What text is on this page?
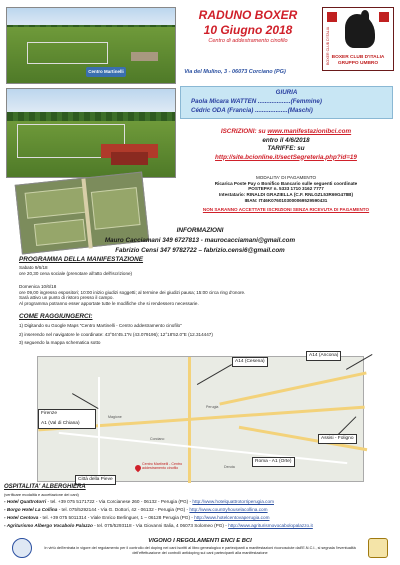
Centro Martinelli
RADUNO BOXER
10 Giugno 2018
Centro di addestramento cinofilo
Via del Mulino, 3 - 06073 Corciano (PG)
BOXER CLUB D'ITALIA BOXER CLUB D'ITALIA GRUPPO UMBRO
GIURIA
Paola Micara WATTEN ...................(Femmine)
Cédric ODA (Francia) ...................(Maschi)
ISCRIZIONI: su www.manifestazionibci.com
entro il 4/6/2018
TARIFFE: su
http://site.bcionline.it/sectSegreteria.php?id=19
MODALITA' DI PAGAMENTO
Ricarica Poste Pay o Bonifico Bancario sulle seguenti coordinate
POSTEPAY n. 5333 1710 3162 7777
Intestatario: RINALDI GRAZIELLA (C.F. RNLGZL53R69G478B)
IBAN: IT46K0760103000069529590431
NON SARANNO ACCETTATE ISCRIZIONI SENZA RICEVUTA DI PAGAMENTO
INFORMAZIONI
Mauro Cacciamani 349 6727813 - maurocacciamani@gmail.com
Fabrizio Censi 347 9782722 – fabrizio.censi6@gmail.com
PROGRAMMA DELLA MANIFESTAZIONE
Sabato 9/6/18
ore 20,30 cena sociale (prenotare all'atto dell'iscrizione)
Domenica 10/6/18
ore 09,00 ingresso espositori; 10:00 inizio giudizi soggetti; al termine dei giudizi pausa; 15:00 circa ring d'onore.
Sarà attivo un punto di ristoro presso il campo.
Al programma potranno esser apportate tutte le modifiche che si rendessero necessarie.
COME RAGGIUNGERCI:
1) Digitando su Google Maps "Centro Martinelli - Centro addestramento cinofilo"
2) inserendo nel navigatore le coordinate: 43°04'45.1"N (43.079196); 12°18'52.0"E (12.314447)
3) seguendo la mappa schematica sotto
Perugia
Corciano
Magione
Deruta
Centro Martinelli - Centro addestramento cinofilo
A14 (Cesena)
A14 (Ancona)
Firenze
A1 (Val di Chiana)
Città della Pieve
Roma - A1 (Orte)
Assisi - Foligno
OSPITALITA' ALBERGHIERA
(verificare modalità e accettazione dei cani)
- Hotel Quattrotorri - tel. +39 075 5171722 - Via Corcianese 260 - 06132 - Perugia (PG) - http://www.hotelquattrotorriperugia.com
- Borgo Hotel La Collina - tel. 075/5292144 - Via G. Dottori, 42 - 06132 - Perugia (PG) - http://www.countryhouselacollina.com
- Hotel Centova - tel. +39 075 5011314 - Viale Enrico Berlinguer, 1 – 06128 Perugia (PG) - http://www.hotelcentovaperugia.com
- Agriturismo Albergo Vocabolo Palazzo - tel. 075/5293118 - Via Giovanni Italia, 4 06073 Solomeo (PG) - http://www.agriturismovocabolopalazzo.it
VIGONO I REGOLAMENTI ENCI E BCI
In virtù dell'entrata in vigore del regolamento per il controllo del doping nei cani iscritti al libro genealogico e partecipanti a manifestazioni riconosciute dall'E.N.C.I., si segnala l'eventualità dell'effettuazione dei controlli antidoping sui cani partecipanti alla manifestazione
